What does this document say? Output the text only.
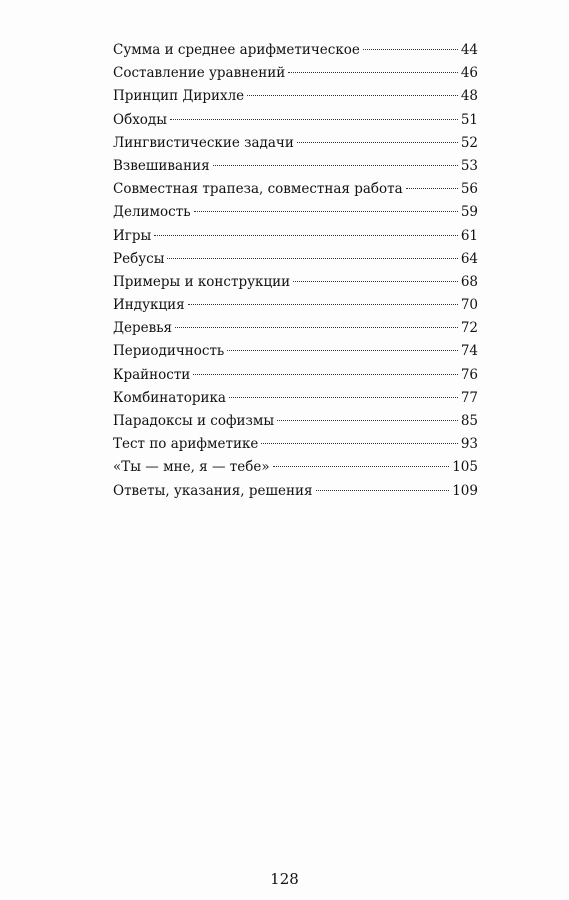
Сумма и среднее арифметическое	44
Составление уравнений	46
Принцип Дирихле	48
Обходы	51
Лингвистические задачи	52
Взвешивания	53
Совместная трапеза, совместная работа	56
Делимость	59
Игры	61
Ребусы	64
Примеры и конструкции	68
Индукция	70
Деревья	72
Периодичность	74
Крайности	76
Комбинаторика	77
Парадоксы и софизмы	85
Тест по арифметике	93
«Ты — мне, я — тебе»	105
Ответы, указания, решения	109
128
